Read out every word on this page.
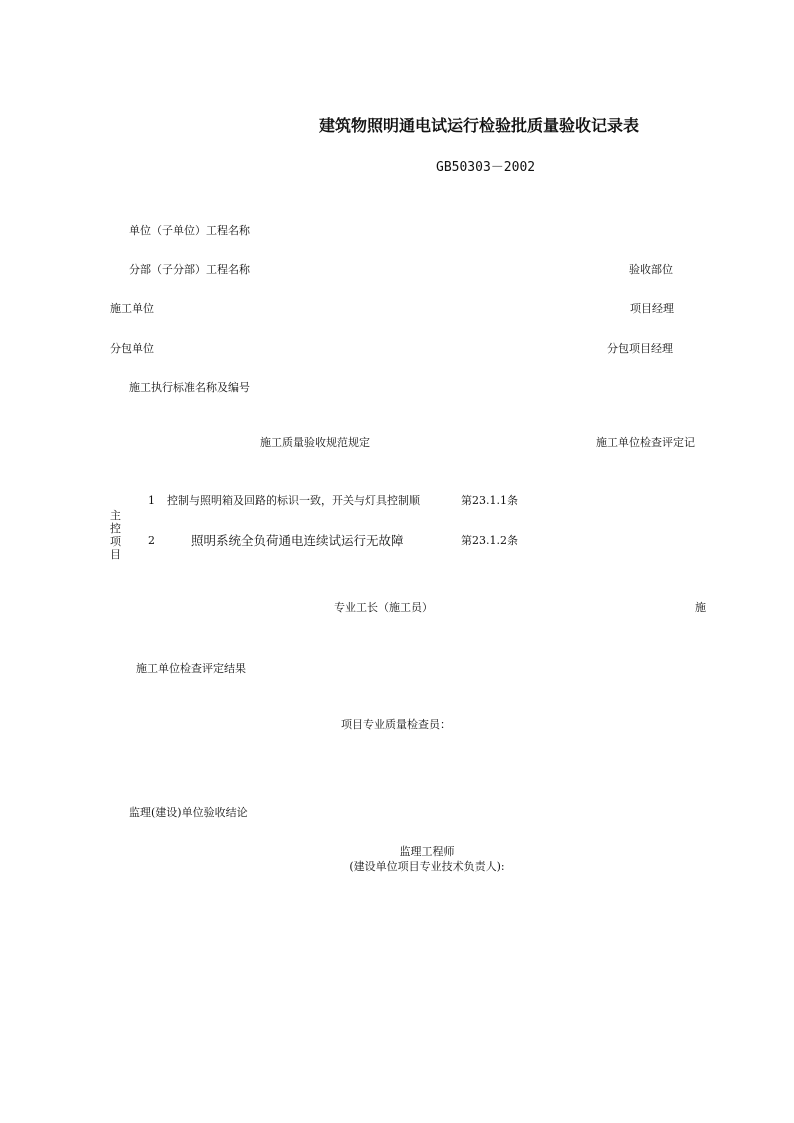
建筑物照明通电试运行检验批质量验收记录表
GB50303－2002
单位（子单位）工程名称
分部（子分部）工程名称	验收部位
施工单位	项目经理
分包单位	分包项目经理
施工执行标准名称及编号
施工质量验收规范规定	施工单位检查评定记
主控项目
1 控制与照明箱及回路的标识一致，开关与灯具控制顺	第23.1.1条
2	照明系统全负荷通电连续试运行无故障	第23.1.2条
专业工长（施工员）	施
施工单位检查评定结果
项目专业质量检查员：
监理(建设)单位验收结论
监理工程师
(建设单位项目专业技术负责人):
